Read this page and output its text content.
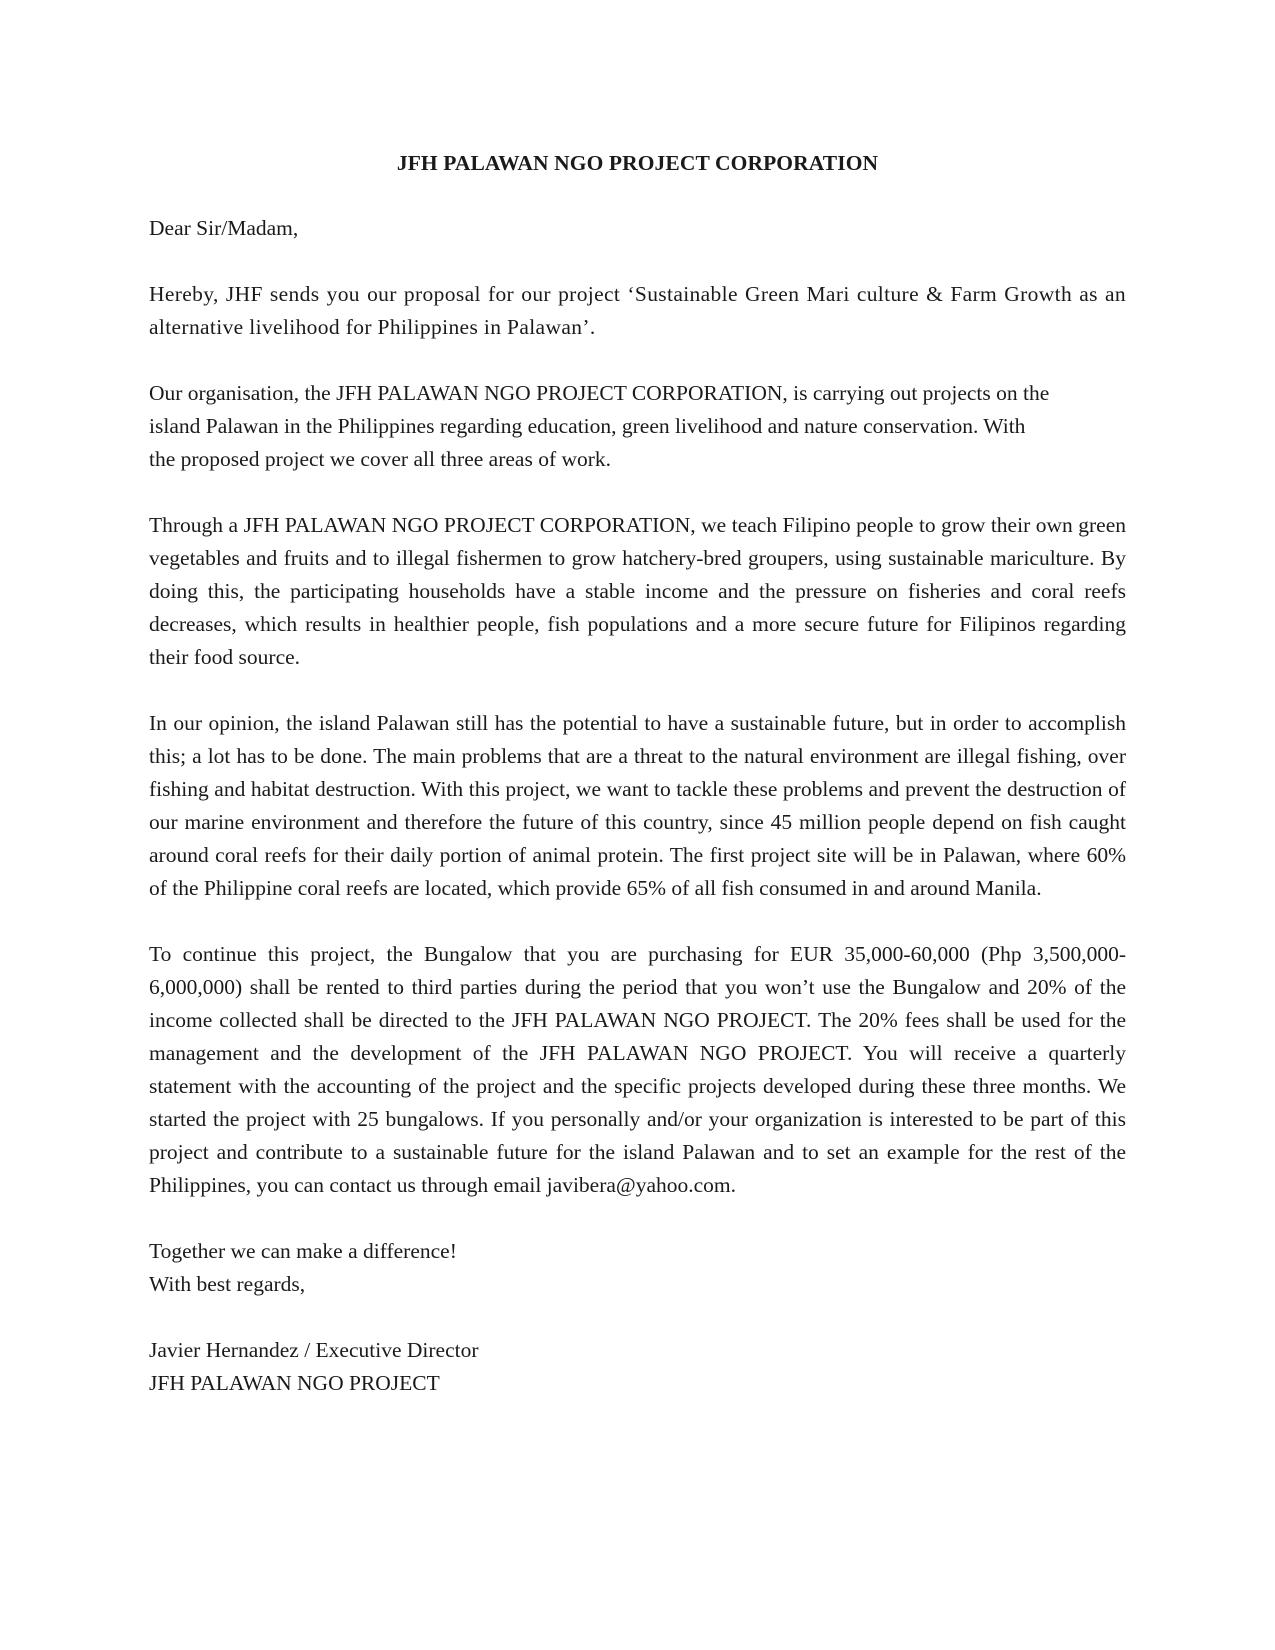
JFH PALAWAN NGO PROJECT CORPORATION
Dear Sir/Madam,
Hereby, JHF sends you our proposal for our project ‘Sustainable Green Mari culture & Farm Growth as an alternative livelihood for Philippines in Palawan’.
Our organisation, the JFH PALAWAN NGO PROJECT CORPORATION, is carrying out projects on the island Palawan in the Philippines regarding education, green livelihood and nature conservation. With the proposed project we cover all three areas of work.
Through a JFH PALAWAN NGO PROJECT CORPORATION, we teach Filipino people to grow their own green vegetables and fruits and to illegal fishermen to grow hatchery-bred groupers, using sustainable mariculture. By doing this, the participating households have a stable income and the pressure on fisheries and coral reefs decreases, which results in healthier people, fish populations and a more secure future for Filipinos regarding their food source.
In our opinion, the island Palawan still has the potential to have a sustainable future, but in order to accomplish this; a lot has to be done. The main problems that are a threat to the natural environment are illegal fishing, over fishing and habitat destruction. With this project, we want to tackle these problems and prevent the destruction of our marine environment and therefore the future of this country, since 45 million people depend on fish caught around coral reefs for their daily portion of animal protein. The first project site will be in Palawan, where 60% of the Philippine coral reefs are located, which provide 65% of all fish consumed in and around Manila.
To continue this project, the Bungalow that you are purchasing for EUR 35,000-60,000 (Php 3,500,000-6,000,000) shall be rented to third parties during the period that you won’t use the Bungalow and 20% of the income collected shall be directed to the JFH PALAWAN NGO PROJECT. The 20% fees shall be used for the management and the development of the JFH PALAWAN NGO PROJECT. You will receive a quarterly statement with the accounting of the project and the specific projects developed during these three months. We started the project with 25 bungalows. If you personally and/or your organization is interested to be part of this project and contribute to a sustainable future for the island Palawan and to set an example for the rest of the Philippines, you can contact us through email javibera@yahoo.com.
Together we can make a difference!
With best regards,
Javier Hernandez / Executive Director
JFH PALAWAN NGO PROJECT
